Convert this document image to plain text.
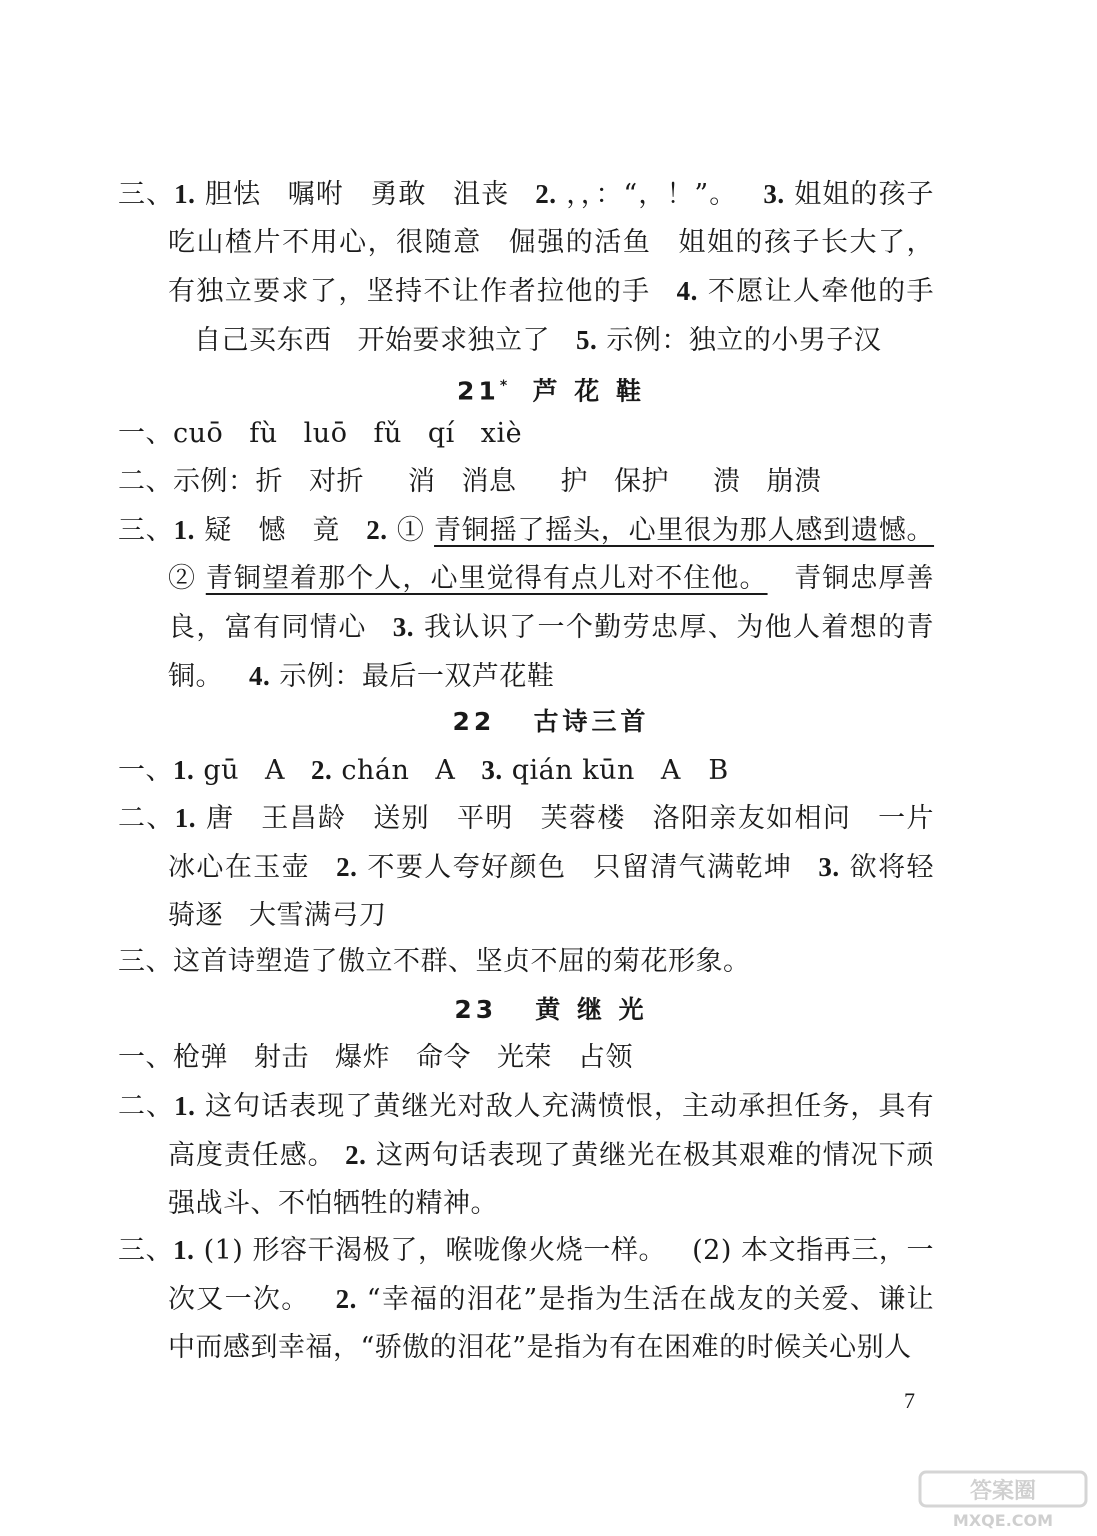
三、1. 胆怯 嘱咐 勇敢 沮丧 2. ，，：“，！”。 3. 姐姐的孩子吃山楂片不用心，很随意 倔强的活鱼 姐姐的孩子长大了，有独立要求了，坚持不让作者拉他的手 4. 不愿让人牵他的手自己买东西 开始要求独立了 5. 示例：独立的小男子汉
21* 芦 花 鞋
一、cuō fù luō fǔ qí xiè
二、示例：折 对折 消 消息 护 保护 溃 崩溃
三、1. 疑 憾 竟 2. ① 青铜摇了摇头，心里很为那人感到遗憾。 ② 青铜望着那个人，心里觉得有点儿对不住他。 青铜忠厚善良，富有同情心 3. 我认识了一个勤劳忠厚、为他人着想的青铜。 4. 示例：最后一双芦花鞋
22 古诗三首
一、1. gū A 2. chán A 3. qián kūn A　B
二、1. 唐 王昌龄 送别 平明 芙蓉楼 洛阳亲友如相问 一片冰心在玉壶 2. 不要人夸好颜色 只留清气满乾坤 3. 欲将轻骑逐 大雪满弓刀
三、这首诗塑造了傲立不群、坚贞不屈的菊花形象。
23 黄 继 光
一、枪弹 射击 爆炸 命令 光荣 占领
二、1. 这句话表现了黄继光对敌人充满愤恨，主动承担任务，具有高度责任感。 2. 这两句话表现了黄继光在极其艰难的情况下顽强战斗、不怕牺牲的精神。
三、1. (1) 形容干渴极了，喉咙像火烧一样。 (2) 本文指再三，一次又一次。 2. “幸福的泪花”是指为生活在战友的关爱、谦让中而感到幸福，“骄傲的泪花”是指为有在困难的时候关心别人
7
答案圈
MXQE.COM
